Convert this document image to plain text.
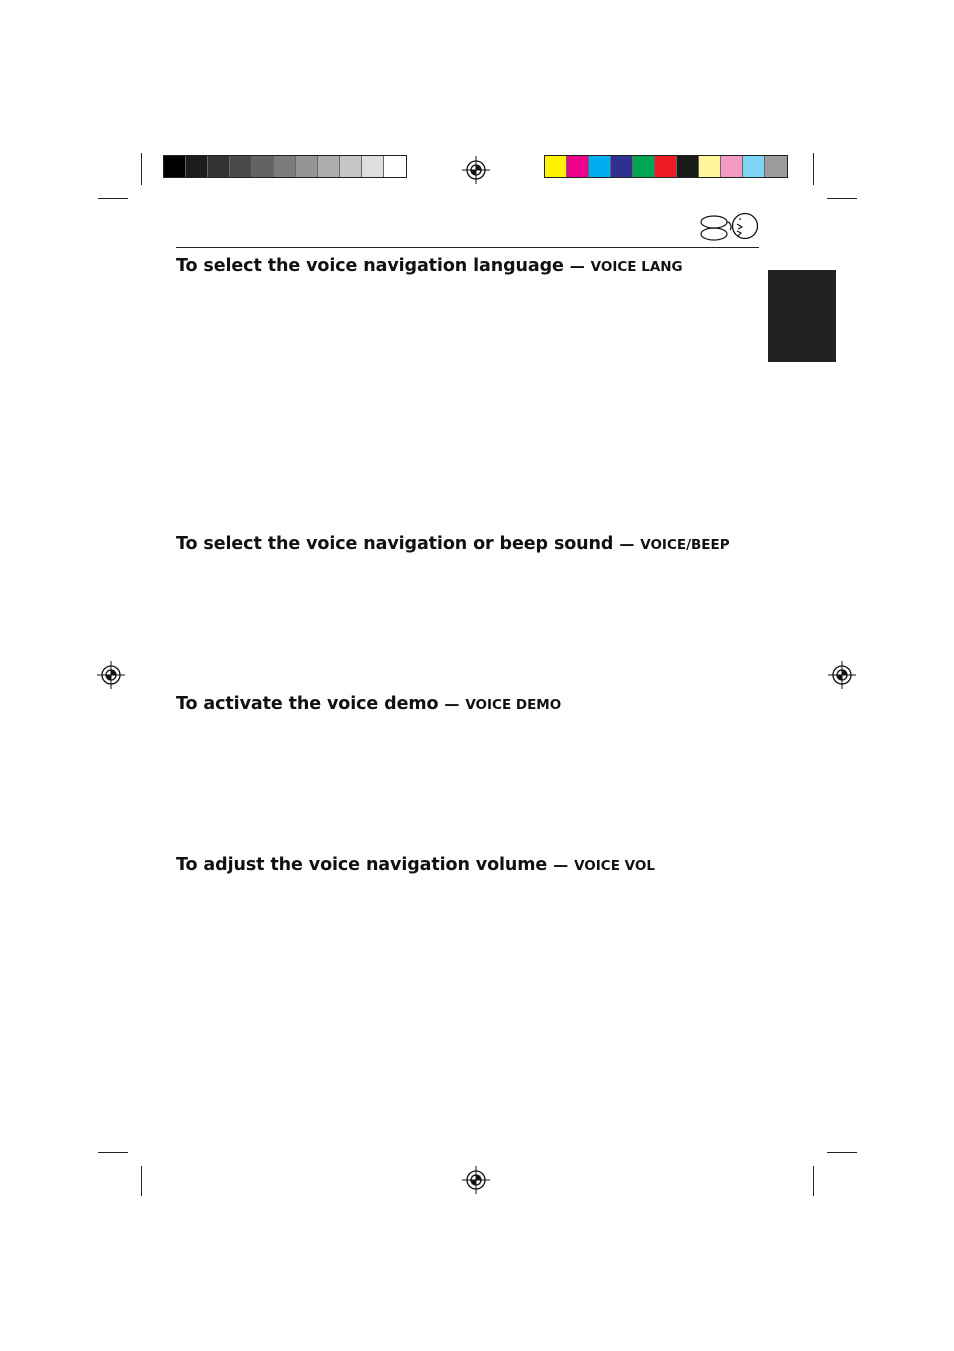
To select the voice navigation language — VOICE LANG
To select the voice navigation or beep sound — VOICE/BEEP
To activate the voice demo — VOICE DEMO
To adjust the voice navigation volume — VOICE VOL
